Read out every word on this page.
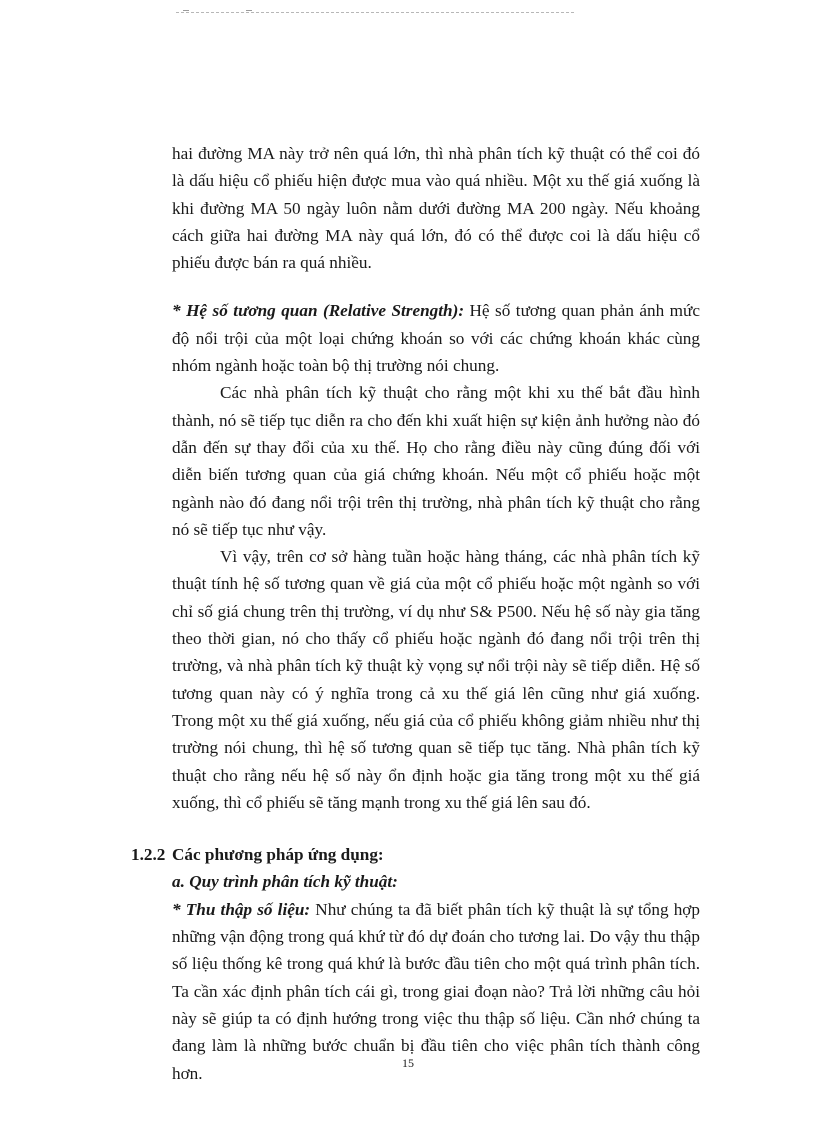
hai đường MA này trở nên quá lớn, thì nhà phân tích kỹ thuật có thể coi đó là dấu hiệu cổ phiếu hiện được mua vào quá nhiều. Một xu thế giá xuống là khi đường MA 50 ngày luôn nằm dưới đường MA 200 ngày. Nếu khoảng cách giữa hai đường MA này quá lớn, đó có thể được coi là dấu hiệu cổ phiếu được bán ra quá nhiều.

* Hệ số tương quan (Relative Strength): Hệ số tương quan phản ánh mức độ nổi trội của một loại chứng khoán so với các chứng khoán khác cùng nhóm ngành hoặc toàn bộ thị trường nói chung.

Các nhà phân tích kỹ thuật cho rằng một khi xu thế bắt đầu hình thành, nó sẽ tiếp tục diễn ra cho đến khi xuất hiện sự kiện ảnh hưởng nào đó dẫn đến sự thay đổi của xu thế. Họ cho rằng điều này cũng đúng đối với diễn biến tương quan của giá chứng khoán. Nếu một cổ phiếu hoặc một ngành nào đó đang nổi trội trên thị trường, nhà phân tích kỹ thuật cho rằng nó sẽ tiếp tục như vậy.

Vì vậy, trên cơ sở hàng tuần hoặc hàng tháng, các nhà phân tích kỹ thuật tính hệ số tương quan về giá của một cổ phiếu hoặc một ngành so với chỉ số giá chung trên thị trường, ví dụ như S& P500. Nếu hệ số này gia tăng theo thời gian, nó cho thấy cổ phiếu hoặc ngành đó đang nổi trội trên thị trường, và nhà phân tích kỹ thuật kỳ vọng sự nổi trội này sẽ tiếp diễn. Hệ số tương quan này có ý nghĩa trong cả xu thế giá lên cũng như giá xuống. Trong một xu thế giá xuống, nếu giá của cổ phiếu không giảm nhiều như thị trường nói chung, thì hệ số tương quan sẽ tiếp tục tăng. Nhà phân tích kỹ thuật cho rằng nếu hệ số này ổn định hoặc gia tăng trong một xu thế giá xuống, thì cổ phiếu sẽ tăng mạnh trong xu thế giá lên sau đó.

1.2.2 Các phương pháp ứng dụng:

a. Quy trình phân tích kỹ thuật:

* Thu thập số liệu: Như chúng ta đã biết phân tích kỹ thuật là sự tổng hợp những vận động trong quá khứ từ đó dự đoán cho tương lai. Do vậy thu thập số liệu thống kê trong quá khứ là bước đầu tiên cho một quá trình phân tích. Ta cần xác định phân tích cái gì, trong giai đoạn nào? Trả lời những câu hỏi này sẽ giúp ta có định hướng trong việc thu thập số liệu. Cần nhớ chúng ta đang làm là những bước chuẩn bị đầu tiên cho việc phân tích thành công hơn.

15
